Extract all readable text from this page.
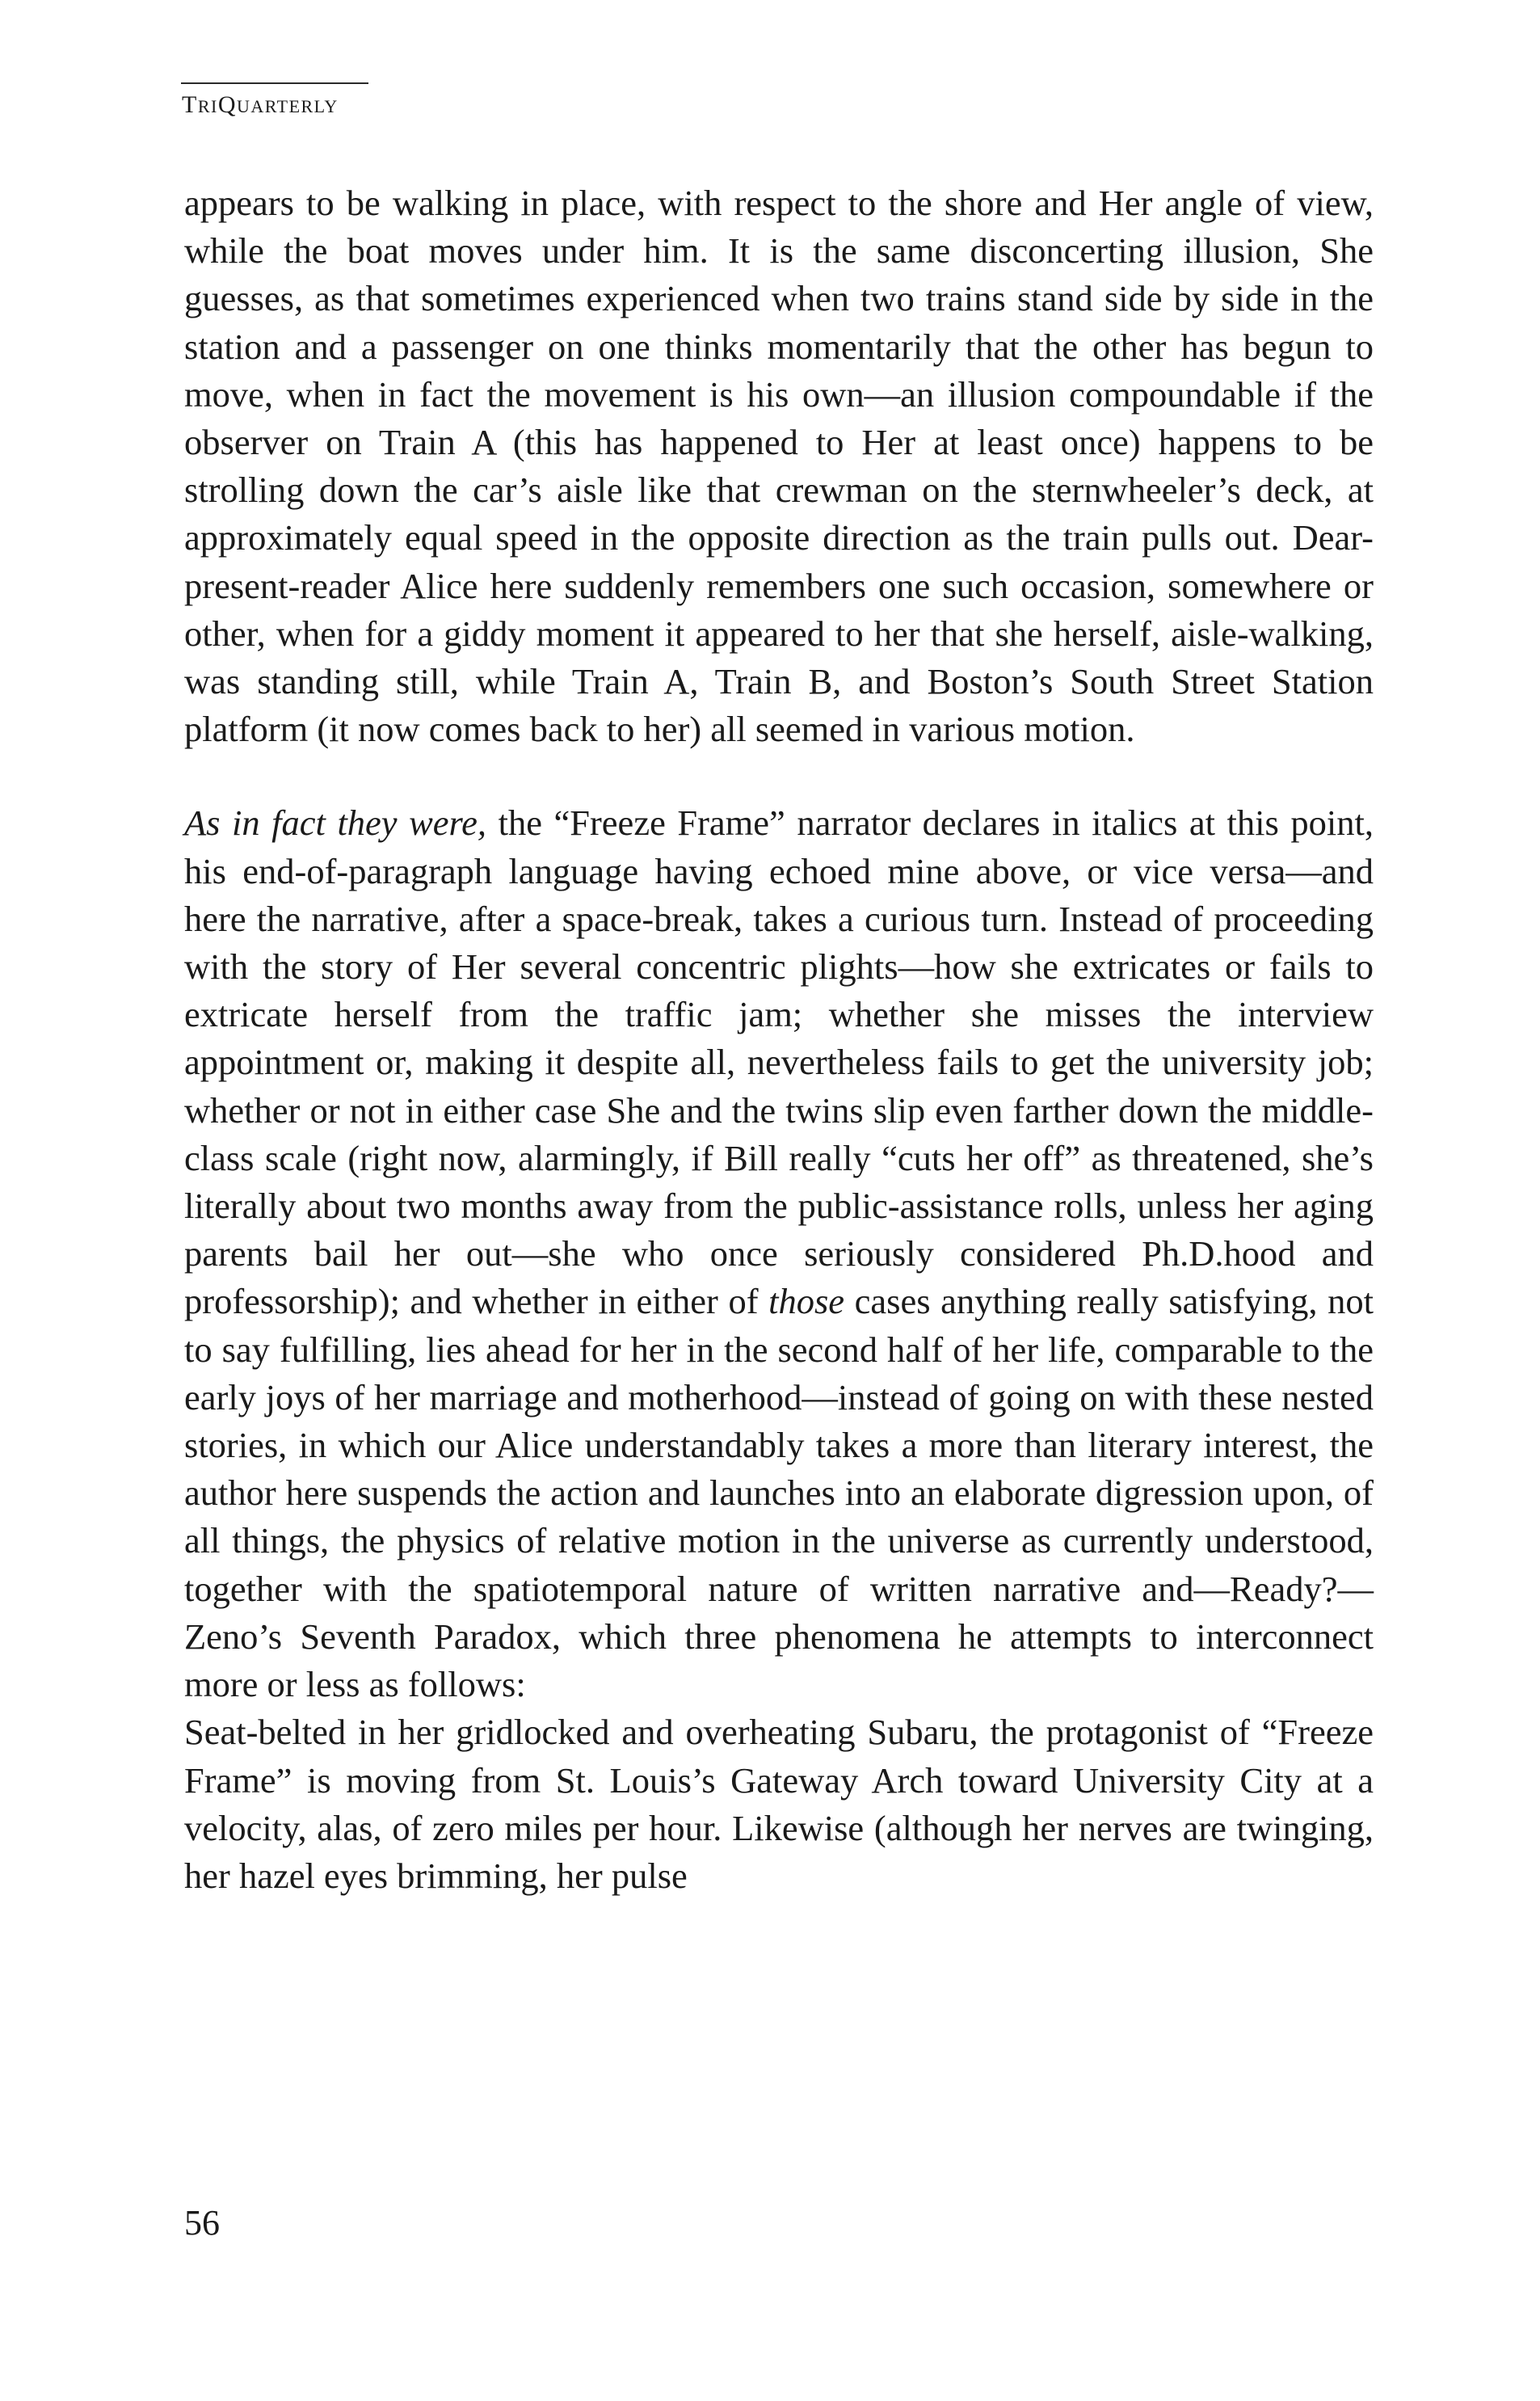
TRIQUARTERLY

appears to be walking in place, with respect to the shore and Her angle of view, while the boat moves under him. It is the same disconcerting illusion, She guesses, as that sometimes experienced when two trains stand side by side in the station and a passenger on one thinks momentarily that the other has begun to move, when in fact the movement is his own—an illusion compoundable if the observer on Train A (this has happened to Her at least once) happens to be strolling down the car’s aisle like that crewman on the sternwheeler’s deck, at approximately equal speed in the opposite direction as the train pulls out. Dear-present-reader Alice here suddenly remembers one such occasion, somewhere or other, when for a giddy moment it appeared to her that she herself, aisle-walking, was standing still, while Train A, Train B, and Boston’s South Street Station platform (it now comes back to her) all seemed in various motion.

As in fact they were, the “Freeze Frame” narrator declares in italics at this point, his end-of-paragraph language having echoed mine above, or vice versa—and here the narrative, after a space-break, takes a curious turn. Instead of proceeding with the story of Her several concentric plights—how she extricates or fails to extricate herself from the traffic jam; whether she misses the interview appointment or, making it despite all, nevertheless fails to get the university job; whether or not in either case She and the twins slip even farther down the middle-class scale (right now, alarmingly, if Bill really “cuts her off” as threatened, she’s literally about two months away from the public-assistance rolls, unless her aging parents bail her out—she who once seriously considered Ph.D.hood and professorship); and whether in either of those cases anything really satisfying, not to say fulfilling, lies ahead for her in the second half of her life, comparable to the early joys of her marriage and motherhood—instead of going on with these nested stories, in which our Alice understandably takes a more than literary interest, the author here suspends the action and launches into an elaborate digression upon, of all things, the physics of relative motion in the universe as currently understood, together with the spatiotemporal nature of written narrative and—Ready?—Zeno’s Seventh Paradox, which three phenomena he attempts to interconnect more or less as follows:

Seat-belted in her gridlocked and overheating Subaru, the protagonist of “Freeze Frame” is moving from St. Louis’s Gateway Arch toward University City at a velocity, alas, of zero miles per hour. Likewise (although her nerves are twinging, her hazel eyes brimming, her pulse

56
